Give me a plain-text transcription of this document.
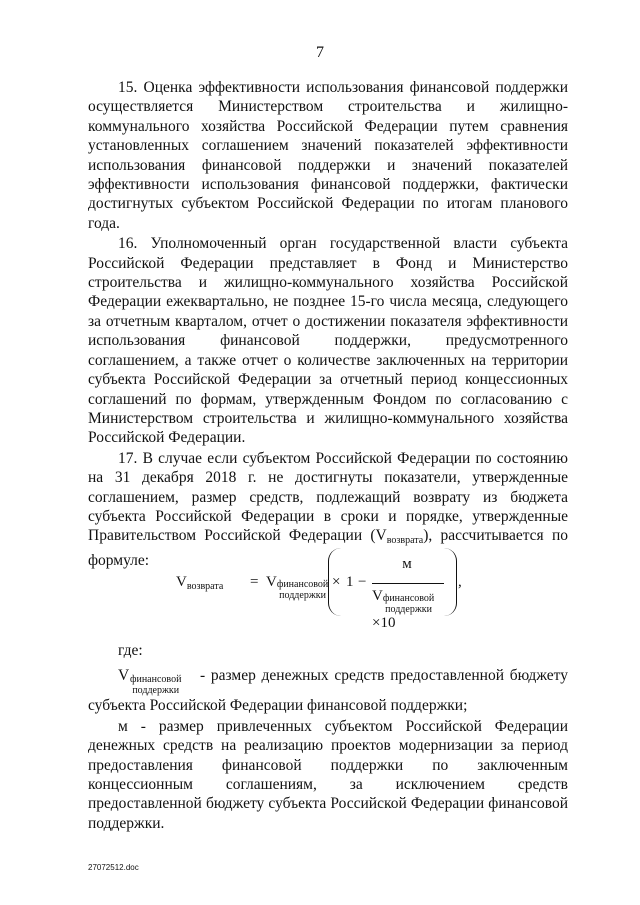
7

15. Оценка эффективности использования финансовой поддержки осуществляется Министерством строительства и жилищно-коммунального хозяйства Российской Федерации путем сравнения установленных соглашением значений показателей эффективности использования финансовой поддержки и значений показателей эффективности использования финансовой поддержки, фактически достигнутых субъектом Российской Федерации по итогам планового года.

16. Уполномоченный орган государственной власти субъекта Российской Федерации представляет в Фонд и Министерство строительства и жилищно-коммунального хозяйства Российской Федерации ежеквартально, не позднее 15-го числа месяца, следующего за отчетным кварталом, отчет о достижении показателя эффективности использования финансовой поддержки, предусмотренного соглашением, а также отчет о количестве заключенных на территории субъекта Российской Федерации за отчетный период концессионных соглашений по формам, утвержденным Фондом по согласованию с Министерством строительства и жилищно-коммунального хозяйства Российской Федерации.

17. В случае если субъектом Российской Федерации по состоянию на 31 декабря 2018 г. не достигнуты показатели, утвержденные соглашением, размер средств, подлежащий возврату из бюджета субъекта Российской Федерации в сроки и порядке, утвержденные Правительством Российской Федерации $(V_{возврата})$, рассчитывается по формуле:

$V_{возврата}$ = Vфинансовой
поддержки
1
× −
м
Vфинансовой
поддержки×10
,
где:
V финансовой
поддержки
- размер денежных средств предоставленной бюджету

субъекта Российской Федерации финансовой поддержки;

м - размер привлеченных субъектом Российской Федерации денежных средств на реализацию проектов модернизации за период предоставления финансовой поддержки по заключенным концессионным соглашениям, за исключением средств предоставленной бюджету субъекта Российской Федерации финансовой поддержки.

27072512.doc
